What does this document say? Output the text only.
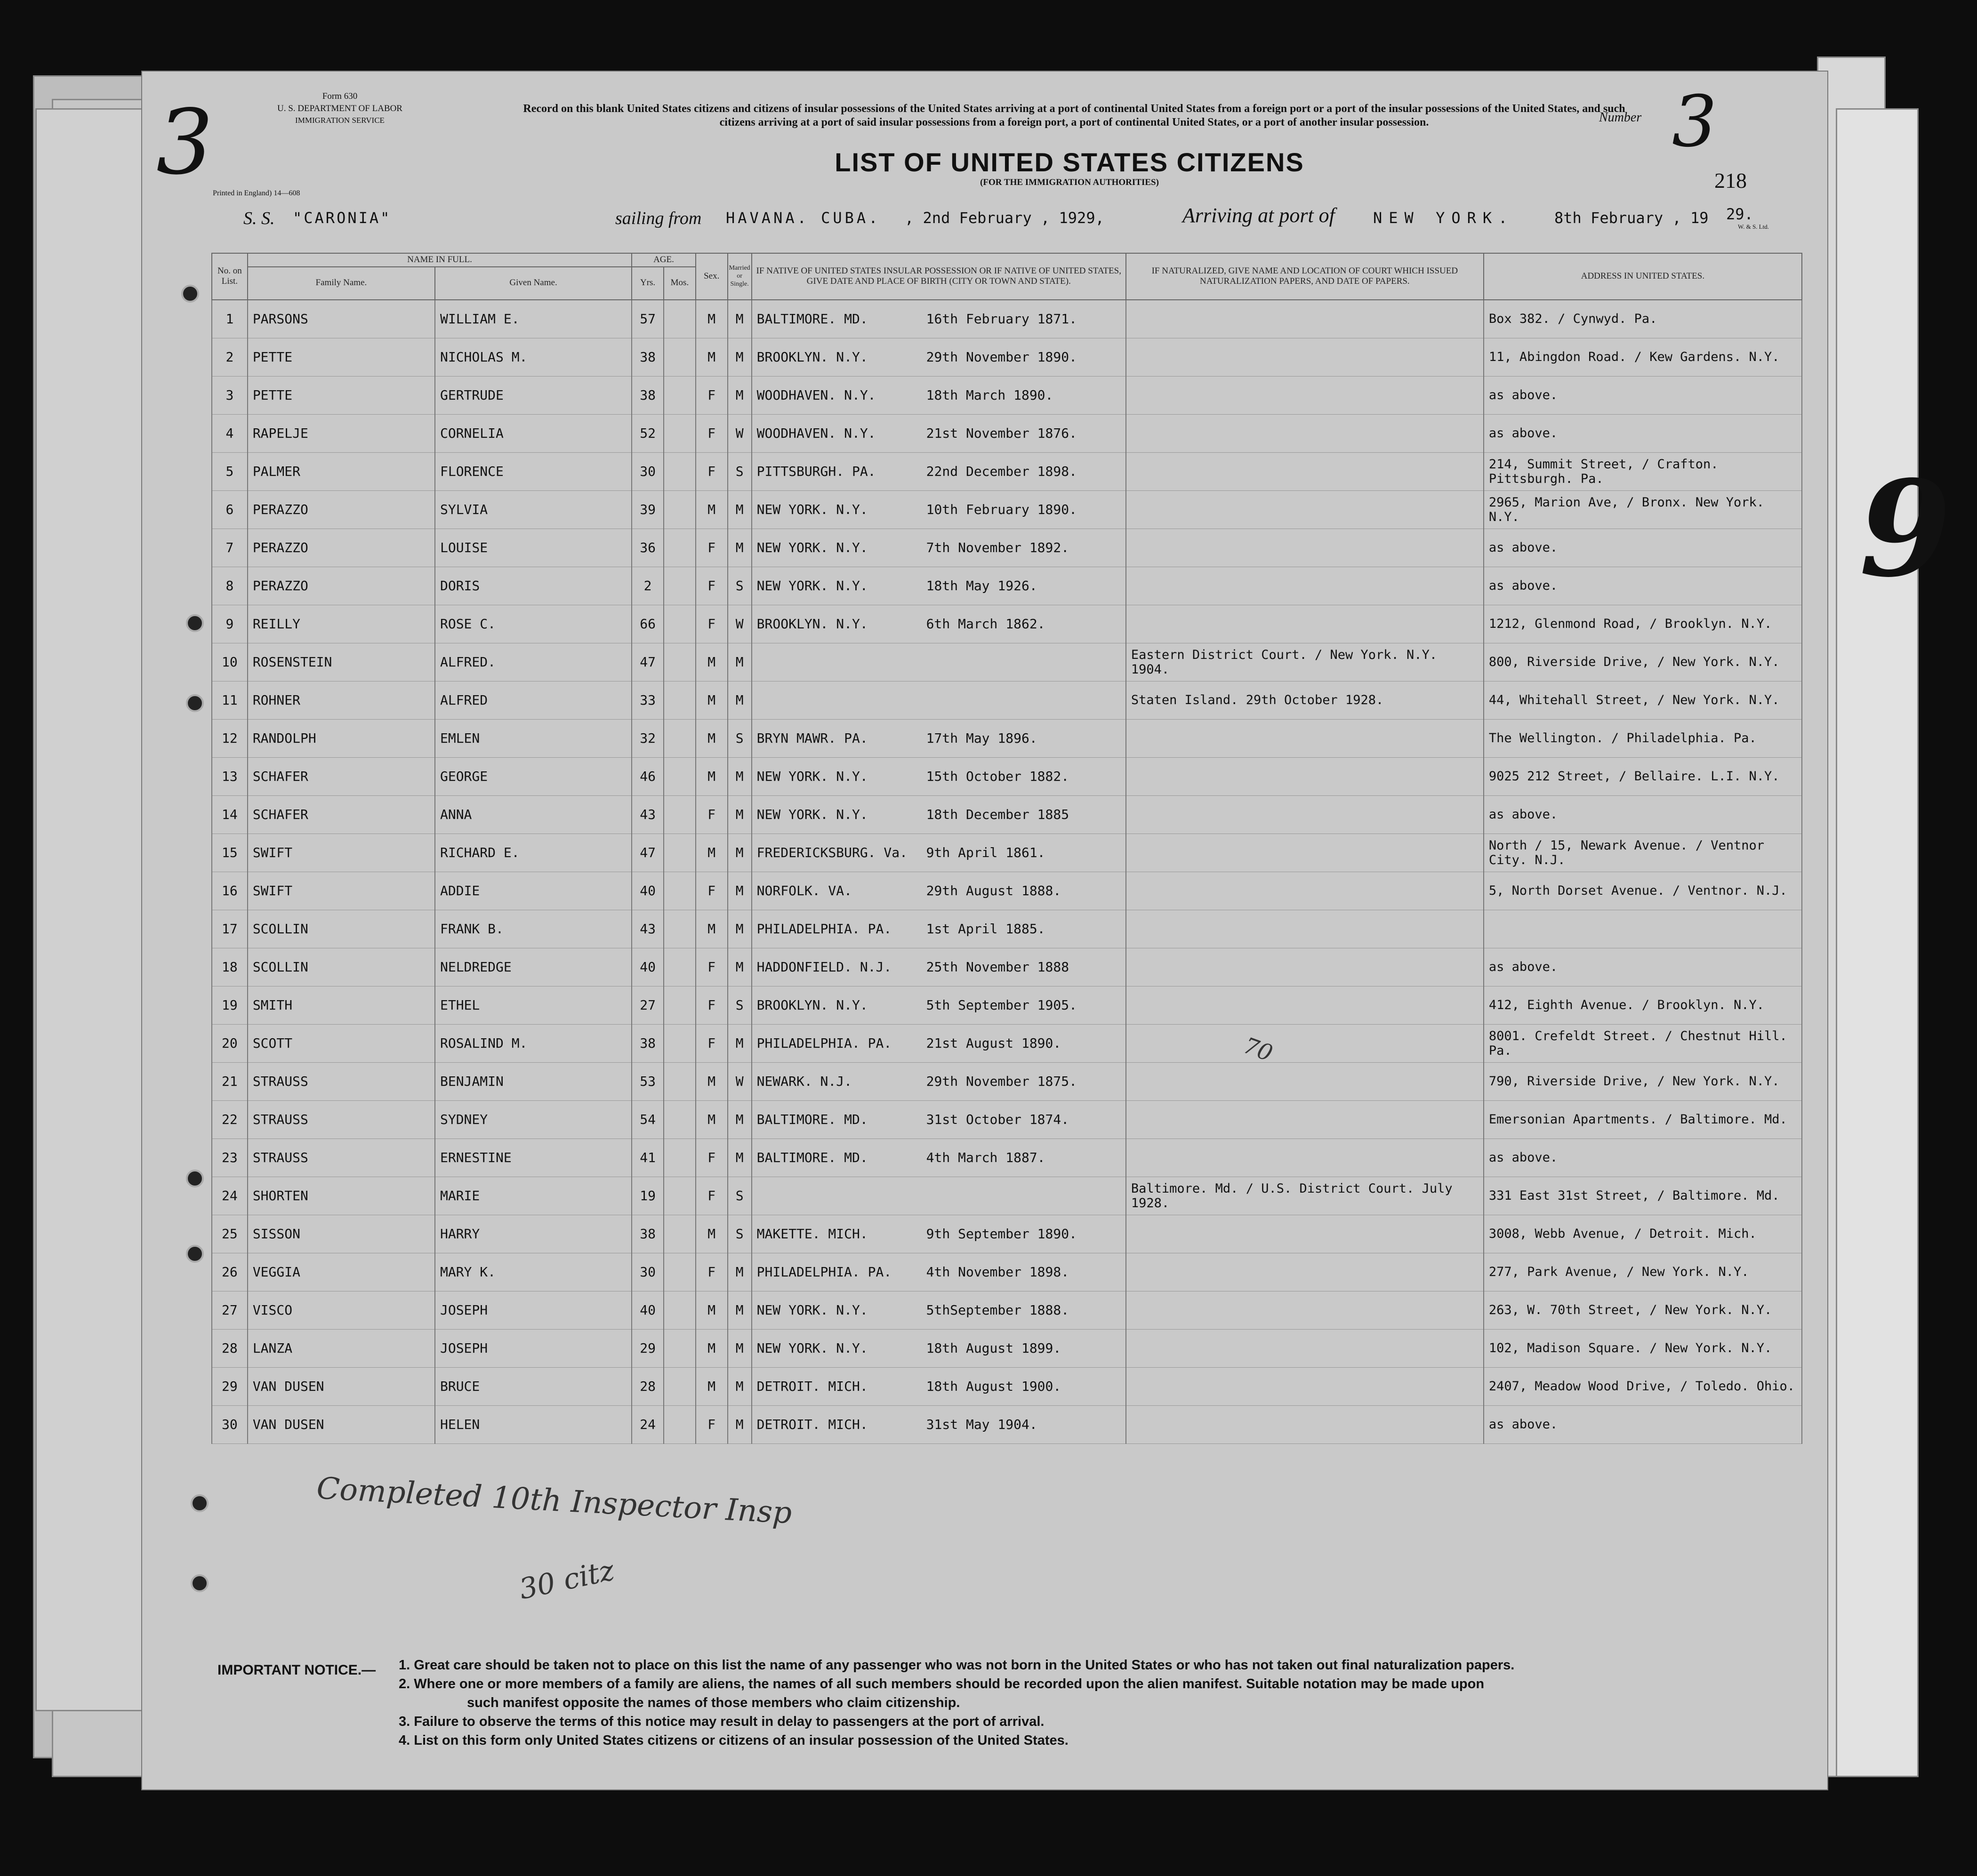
9
3	Form 630
U. S. DEPARTMENT OF LABOR
IMMIGRATION SERVICE
Printed in England) 14—608
Record on this blank United States citizens and citizens of insular possessions of the United States arriving at a port of continental United States from a foreign port or a port of the insular possessions of the United States, and such citizens arriving at a port of said insular possessions from a foreign port, a port of continental United States, or a port of another insular possession.
LIST OF UNITED STATES CITIZENS
(FOR THE IMMIGRATION AUTHORITIES)
Number 3
218
S. S. "CARONIA"	sailing from HAVANA. CUBA. , 2nd February , 1929,	Arriving at port of	NEW YORK.	8th February , 19 29.
W. & S. Ltd.
No. on List.	NAME IN FULL.		AGE.		Sex.	Married or Single.	IF NATIVE OF UNITED STATES INSULAR POSSESSION OR IF NATIVE OF UNITED STATES, GIVE DATE AND PLACE OF BIRTH (CITY OR TOWN AND STATE).	IF NATURALIZED, GIVE NAME AND LOCATION OF COURT WHICH ISSUED NATURALIZATION PAPERS, AND DATE OF PAPERS.	ADDRESS IN UNITED STATES.
	Family Name.	Given Name.	Yrs.	Mos.					
1	PARSONS	WILLIAM E.	57		M	M	BALTIMORE. MD. 16th February 1871.		Box 382. / Cynwyd. Pa.
2	PETTE	NICHOLAS M.	38		M	M	BROOKLYN. N.Y. 29th November 1890.		11, Abingdon Road. / Kew Gardens. N.Y.
3	PETTE	GERTRUDE	38		F	M	WOODHAVEN. N.Y. 18th March 1890.		as above.
4	RAPELJE	CORNELIA	52		F	W	WOODHAVEN. N.Y. 21st November 1876.		as above.
5	PALMER	FLORENCE	30		F	S	PITTSBURGH. PA. 22nd December 1898.		214, Summit Street, / Crafton. Pittsburgh. Pa.
6	PERAZZO	SYLVIA	39		M	M	NEW YORK. N.Y. 10th February 1890.		2965, Marion Ave, / Bronx. New York. N.Y.
7	PERAZZO	LOUISE	36		F	M	NEW YORK. N.Y. 7th November 1892.		as above.
8	PERAZZO	DORIS	2		F	S	NEW YORK. N.Y. 18th May 1926.		as above.
9	REILLY	ROSE C.	66		F	W	BROOKLYN. N.Y. 6th March 1862.		1212, Glenmond Road, / Brooklyn. N.Y.
10	ROSENSTEIN	ALFRED.	47		M	M		Eastern District Court. / New York. N.Y. 1904.	800, Riverside Drive, / New York. N.Y.
11	ROHNER	ALFRED	33		M	M		Staten Island. 29th October 1928.	44, Whitehall Street, / New York. N.Y.
12	RANDOLPH	EMLEN	32		M	S	BRYN MAWR. PA. 17th May 1896.		The Wellington. / Philadelphia. Pa.
13	SCHAFER	GEORGE	46		M	M	NEW YORK. N.Y. 15th October 1882.		9025 212 Street, / Bellaire. L.I. N.Y.
14	SCHAFER	ANNA	43		F	M	NEW YORK. N.Y. 18th December 1885		as above.
15	SWIFT	RICHARD E.	47		M	M	FREDERICKSBURG. Va. 9th April 1861.		North / 15, Newark Avenue. / Ventnor City. N.J.
16	SWIFT	ADDIE	40		F	M	NORFOLK. VA. 29th August 1888.		5, North Dorset Avenue. / Ventnor. N.J.
17	SCOLLIN	FRANK B.	43		M	M	PHILADELPHIA. PA. 1st April 1885.		
18	SCOLLIN	NELDREDGE	40		F	M	HADDONFIELD. N.J. 25th November 1888		as above.
19	SMITH	ETHEL	27		F	S	BROOKLYN. N.Y. 5th September 1905.		412, Eighth Avenue. / Brooklyn. N.Y.
20	SCOTT	ROSALIND M.	38		F	M	PHILADELPHIA. PA. 21st August 1890.		8001. Crefeldt Street. / Chestnut Hill. Pa.
21	STRAUSS	BENJAMIN	53		M	W	NEWARK. N.J. 29th November 1875.		790, Riverside Drive, / New York. N.Y.
22	STRAUSS	SYDNEY	54		M	M	BALTIMORE. MD. 31st October 1874.		Emersonian Apartments. / Baltimore. Md.
23	STRAUSS	ERNESTINE	41		F	M	BALTIMORE. MD. 4th March 1887.		as above.
24	SHORTEN	MARIE	19		F	S		Baltimore. Md. / U.S. District Court. July 1928.	331 East 31st Street, / Baltimore. Md.
25	SISSON	HARRY	38		M	S	MAKETTE. MICH. 9th September 1890.		3008, Webb Avenue, / Detroit. Mich.
26	VEGGIA	MARY K.	30		F	M	PHILADELPHIA. PA. 4th November 1898.		277, Park Avenue, / New York. N.Y.
27	VISCO	JOSEPH	40		M	M	NEW YORK. N.Y. 5thSeptember 1888.		263, W. 70th Street, / New York. N.Y.
28	LANZA	JOSEPH	29		M	M	NEW YORK. N.Y. 18th August 1899.		102, Madison Square. / New York. N.Y.
29	VAN DUSEN	BRUCE	28		M	M	DETROIT. MICH. 18th August 1900.		2407, Meadow Wood Drive, / Toledo. Ohio.
30	VAN DUSEN	HELEN	24		F	M	DETROIT. MICH. 31st May 1904.		as above.
Completed 10th Inspector Insp
30 citz
70
IMPORTANT NOTICE.— 1. Great care should be taken not to place on this list the name of any passenger who was not born in the United States or who has not taken out final naturalization papers.
2. Where one or more members of a family are aliens, the names of all such members should be recorded upon the alien manifest. Suitable notation may be made upon
such manifest opposite the names of those members who claim citizenship.
3. Failure to observe the terms of this notice may result in delay to passengers at the port of arrival.
4. List on this form only United States citizens or citizens of an insular possession of the United States.
